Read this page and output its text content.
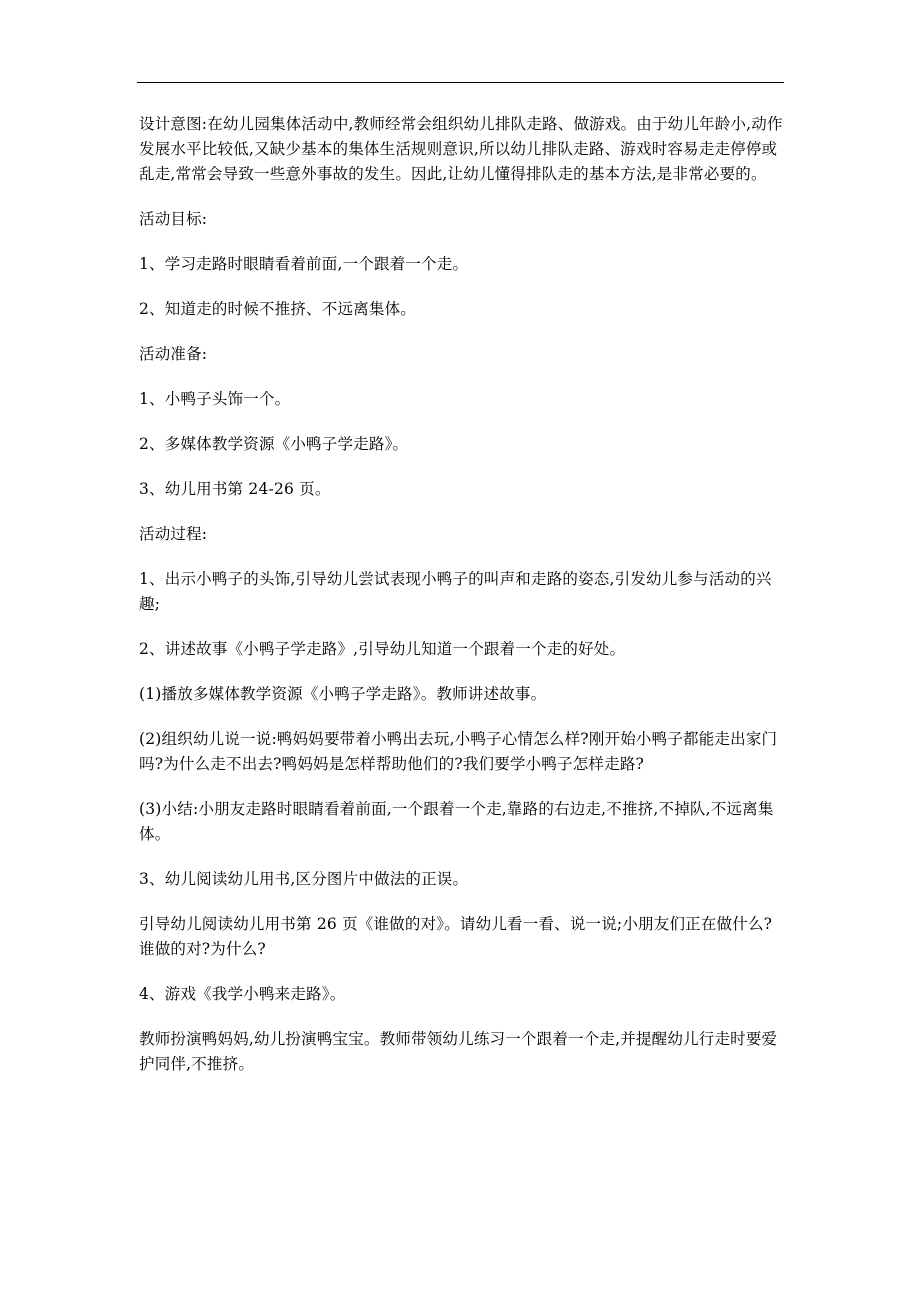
设计意图:在幼儿园集体活动中,教师经常会组织幼儿排队走路、做游戏。由于幼儿年龄小,动作发展水平比较低,又缺少基本的集体生活规则意识,所以幼儿排队走路、游戏时容易走走停停或乱走,常常会导致一些意外事故的发生。因此,让幼儿懂得排队走的基本方法,是非常必要的。

活动目标:

1、学习走路时眼睛看着前面,一个跟着一个走。

2、知道走的时候不推挤、不远离集体。

活动准备:

1、小鸭子头饰一个。

2、多媒体教学资源《小鸭子学走路》。

3、幼儿用书第 24-26 页。

活动过程:

1、出示小鸭子的头饰,引导幼儿尝试表现小鸭子的叫声和走路的姿态,引发幼儿参与活动的兴趣;

2、讲述故事《小鸭子学走路》,引导幼儿知道一个跟着一个走的好处。

(1)播放多媒体教学资源《小鸭子学走路》。教师讲述故事。

(2)组织幼儿说一说:鸭妈妈要带着小鸭出去玩,小鸭子心情怎么样?刚开始小鸭子都能走出家门吗?为什么走不出去?鸭妈妈是怎样帮助他们的?我们要学小鸭子怎样走路?

(3)小结:小朋友走路时眼睛看着前面,一个跟着一个走,靠路的右边走,不推挤,不掉队,不远离集体。

3、幼儿阅读幼儿用书,区分图片中做法的正误。

引导幼儿阅读幼儿用书第 26 页《谁做的对》。请幼儿看一看、说一说;小朋友们正在做什么?谁做的对?为什么?

4、游戏《我学小鸭来走路》。

教师扮演鸭妈妈,幼儿扮演鸭宝宝。教师带领幼儿练习一个跟着一个走,并提醒幼儿行走时要爱护同伴,不推挤。
